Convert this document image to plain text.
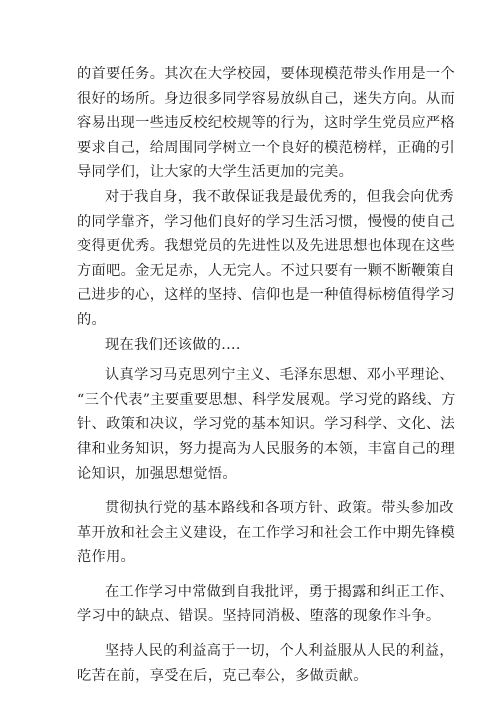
的首要任务。其次在大学校园，要体现模范带头作用是一个
很好的场所。身边很多同学容易放纵自己，迷失方向。从而
容易出现一些违反校纪校规等的行为，这时学生党员应严格
要求自己，给周围同学树立一个良好的模范榜样，正确的引
导同学们，让大家的大学生活更加的完美。
对于我自身，我不敢保证我是最优秀的，但我会向优秀
的同学靠齐，学习他们良好的学习生活习惯，慢慢的使自己
变得更优秀。我想党员的先进性以及先进思想也体现在这些
方面吧。金无足赤，人无完人。不过只要有一颗不断鞭策自
己进步的心，这样的坚持、信仰也是一种值得标榜值得学习
的。
现在我们还该做的....
认真学习马克思列宁主义、毛泽东思想、邓小平理论、
“三个代表”主要重要思想、科学发展观。学习党的路线、方
针、政策和决议，学习党的基本知识。学习科学、文化、法
律和业务知识，努力提高为人民服务的本领，丰富自己的理
论知识，加强思想觉悟。
贯彻执行党的基本路线和各项方针、政策。带头参加改
革开放和社会主义建设，在工作学习和社会工作中期先锋模
范作用。
在工作学习中常做到自我批评，勇于揭露和纠正工作、
学习中的缺点、错误。坚持同消极、堕落的现象作斗争。
坚持人民的利益高于一切，个人利益服从人民的利益，
吃苦在前，享受在后，克己奉公，多做贡献。
